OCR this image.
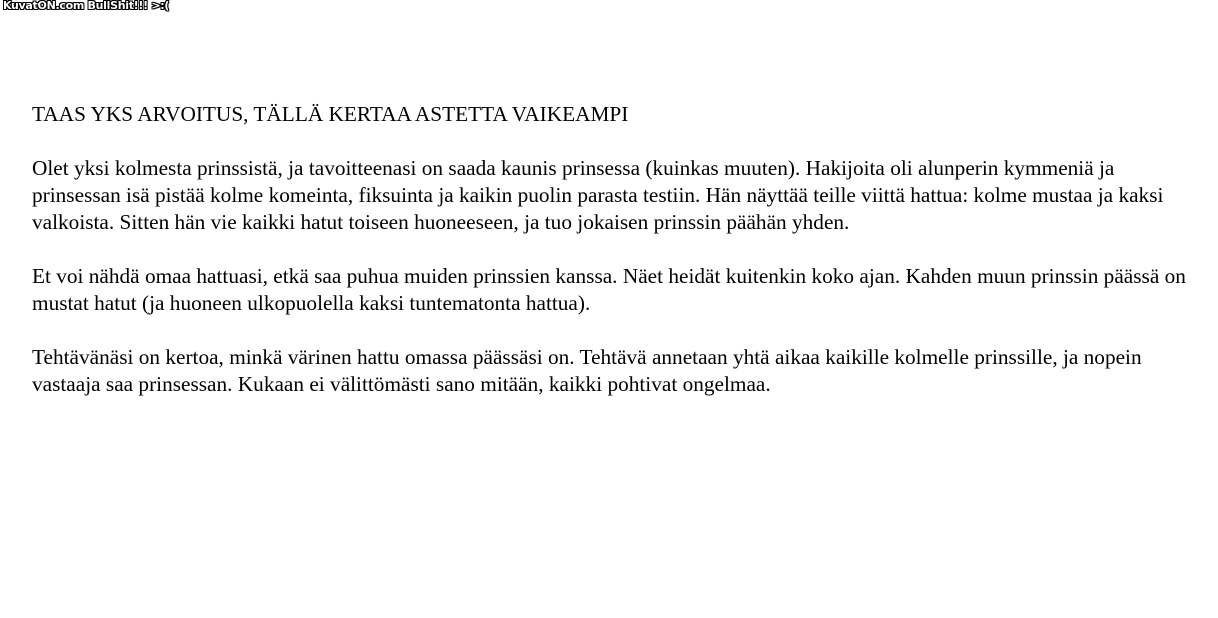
KuvatON.com BullShit!!! >:(

TAAS YKS ARVOITUS, TÄLLÄ KERTAA ASTETTA VAIKEAMPI

Olet yksi kolmesta prinssistä, ja tavoitteenasi on saada kaunis prinsessa (kuinkas muuten). Hakijoita oli alunperin kymmeniä ja prinsessan isä pistää kolme komeinta, fiksuinta ja kaikin puolin parasta testiin. Hän näyttää teille viittä hattua: kolme mustaa ja kaksi valkoista. Sitten hän vie kaikki hatut toiseen huoneeseen, ja tuo jokaisen prinssin päähän yhden.

Et voi nähdä omaa hattuasi, etkä saa puhua muiden prinssien kanssa. Näet heidät kuitenkin koko ajan. Kahden muun prinssin päässä on mustat hatut (ja huoneen ulkopuolella kaksi tuntematonta hattua).

Tehtävänäsi on kertoa, minkä värinen hattu omassa päässäsi on. Tehtävä annetaan yhtä aikaa kaikille kolmelle prinssille, ja nopein vastaaja saa prinsessan. Kukaan ei välittömästi sano mitään, kaikki pohtivat ongelmaa.
